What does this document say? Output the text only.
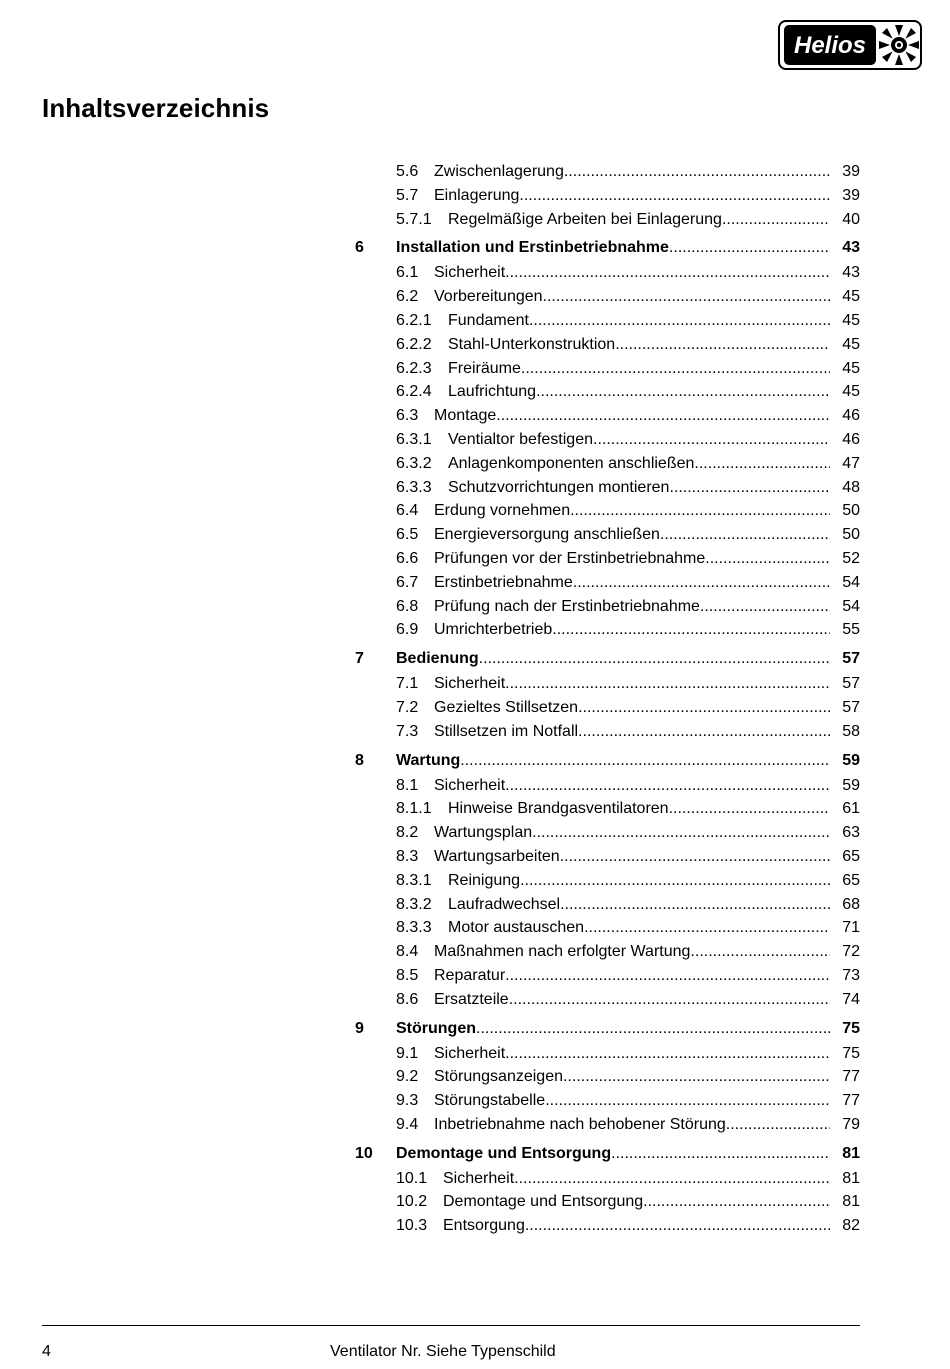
Helios
Inhaltsverzeichnis
5.6 Zwischenlagerung .....	39
5.7 Einlagerung .....	39
5.7.1	Regelmäßige Arbeiten bei Einlagerung .....	40
6	Installation und Erstinbetriebnahme .....	43
6.1 Sicherheit .....	43
6.2 Vorbereitungen .....	45
6.2.1	Fundament .....	45
6.2.2	Stahl-Unterkonstruktion .....	45
6.2.3	Freiräume .....	45
6.2.4	Laufrichtung .....	45
6.3 Montage .....	46
6.3.1	Ventialtor befestigen .....	46
6.3.2	Anlagenkomponenten anschließen .....	47
6.3.3	Schutzvorrichtungen montieren .....	48
6.4 Erdung vornehmen .....	50
6.5 Energieversorgung anschließen .....	50
6.6 Prüfungen vor der Erstinbetriebnahme .....	52
6.7 Erstinbetriebnahme .....	54
6.8 Prüfung nach der Erstinbetriebnahme .....	54
6.9 Umrichterbetrieb .....	55
7	Bedienung .....	57
7.1 Sicherheit .....	57
7.2 Gezieltes Stillsetzen .....	57
7.3 Stillsetzen im Notfall .....	58
8	Wartung .....	59
8.1 Sicherheit .....	59
8.1.1	Hinweise Brandgasventilatoren .....	61
8.2 Wartungsplan .....	63
8.3 Wartungsarbeiten .....	65
8.3.1	Reinigung .....	65
8.3.2	Laufradwechsel .....	68
8.3.3	Motor austauschen .....	71
8.4 Maßnahmen nach erfolgter Wartung .....	72
8.5 Reparatur .....	73
8.6 Ersatzteile .....	74
9	Störungen .....	75
9.1 Sicherheit .....	75
9.2 Störungsanzeigen .....	77
9.3 Störungstabelle .....	77
9.4 Inbetriebnahme nach behobener Störung .....	79
10	Demontage und Entsorgung .....	81
10.1 Sicherheit .....	81
10.2 Demontage und Entsorgung .....	81
10.3 Entsorgung .....	82
4	Ventilator Nr. Siehe Typenschild
